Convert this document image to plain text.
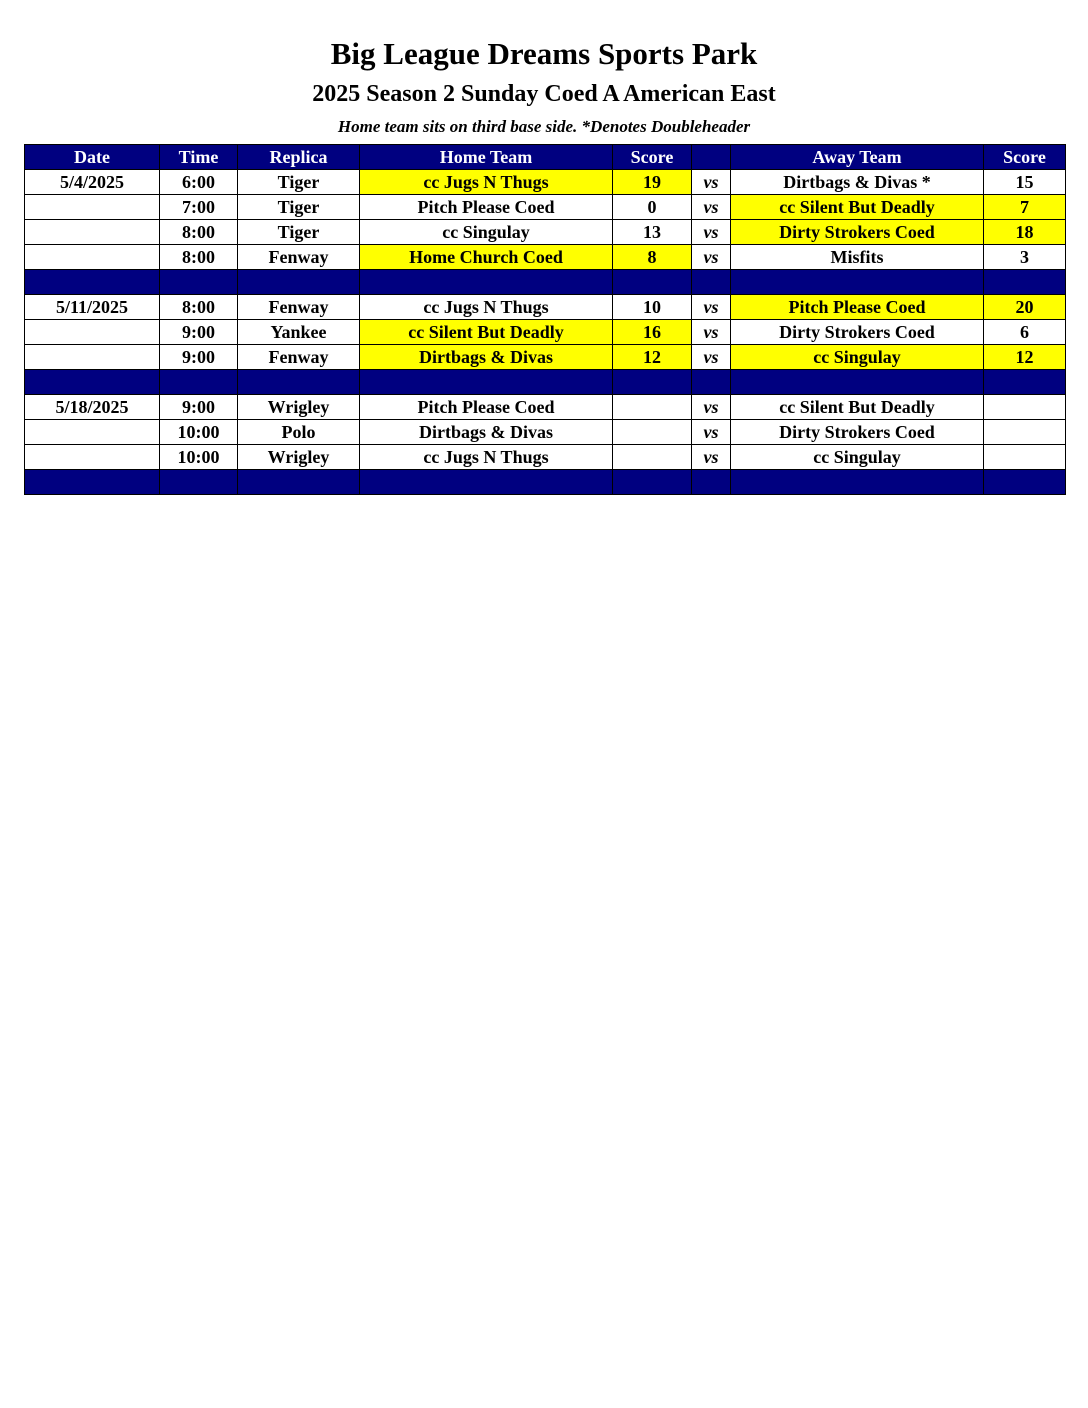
Big League Dreams Sports Park
2025 Season 2 Sunday Coed A American East
Home team sits on third base side. *Denotes Doubleheader
Date	Time	Replica	Home Team	Score		Away Team	Score
5/4/2025	6:00	Tiger	cc Jugs N Thugs	19	vs	Dirtbags & Divas *	15
	7:00	Tiger	Pitch Please Coed	0	vs	cc Silent But Deadly	7
	8:00	Tiger	cc Singulay	13	vs	Dirty Strokers Coed	18
	8:00	Fenway	Home Church Coed	8	vs	Misfits	3

5/11/2025	8:00	Fenway	cc Jugs N Thugs	10	vs	Pitch Please Coed	20
	9:00	Yankee	cc Silent But Deadly	16	vs	Dirty Strokers Coed	6
	9:00	Fenway	Dirtbags & Divas	12	vs	cc Singulay	12

5/18/2025	9:00	Wrigley	Pitch Please Coed		vs	cc Silent But Deadly	
	10:00	Polo	Dirtbags & Divas		vs	Dirty Strokers Coed	
	10:00	Wrigley	cc Jugs N Thugs		vs	cc Singulay	
